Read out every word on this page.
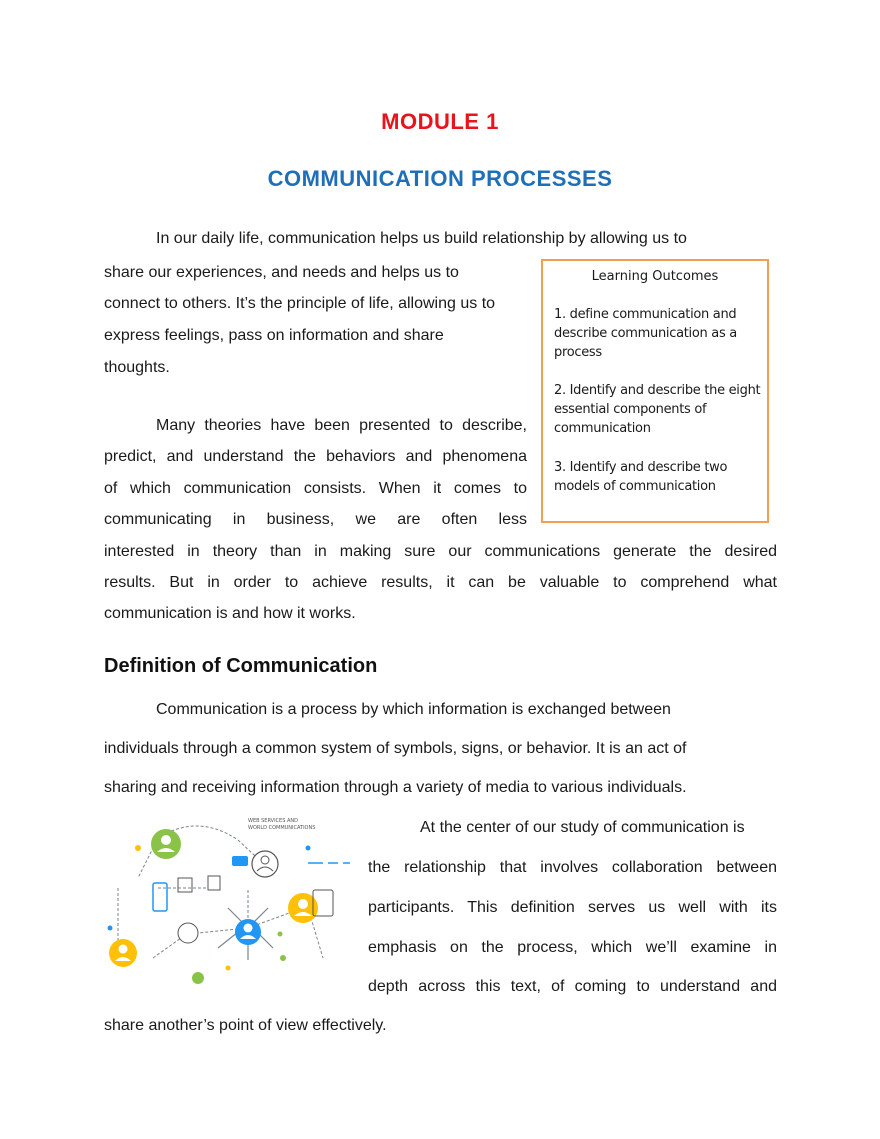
MODULE 1
COMMUNICATION PROCESSES
In our daily life, communication helps us build relationship by allowing us to
share our experiences, and needs and helps us to
connect to others. It’s the principle of life, allowing us to
express feelings, pass on information and share
thoughts.
Many theories have been presented to describe,
predict, and understand the behaviors and phenomena
of which communication consists. When it comes to
communicating in business, we are often less
interested in theory than in making sure our communications generate the desired
results. But in order to achieve results, it can be valuable to comprehend what
communication is and how it works.
Learning Outcomes
1. define communication and describe communication as a process
2. Identify and describe the eight essential components of communication
3. Identify and describe two models of communication
Definition of Communication
Communication is a process by which information is exchanged between
individuals through a common system of symbols, signs, or behavior. It is an act of
sharing and receiving information through a variety of media to various individuals.
WEB SERVICES AND
WORLD COMMUNICATIONS	At the center of our study of communication is
the relationship that involves collaboration between
participants. This definition serves us well with its
emphasis on the process, which we’ll examine in
depth across this text, of coming to understand and
share another’s point of view effectively.
